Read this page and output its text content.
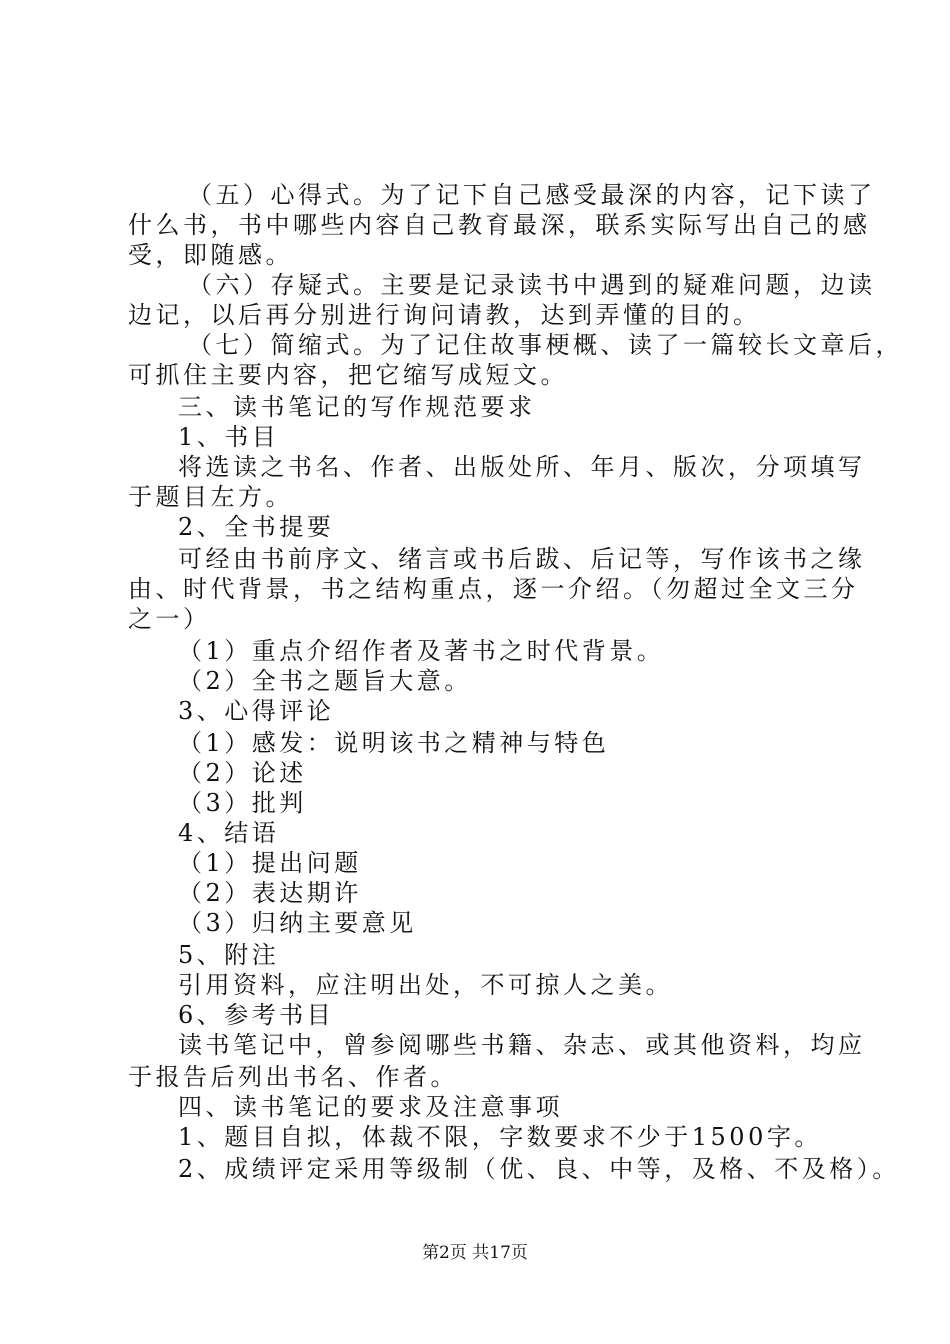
（五）心得式。为了记下自己感受最深的内容，记下读了
什么书，书中哪些内容自己教育最深，联系实际写出自己的感
受，即随感。
（六）存疑式。主要是记录读书中遇到的疑难问题，边读
边记，以后再分别进行询问请教，达到弄懂的目的。
（七）简缩式。为了记住故事梗概、读了一篇较长文章后，
可抓住主要内容，把它缩写成短文。
三、读书笔记的写作规范要求
1、书目
将选读之书名、作者、出版处所、年月、版次，分项填写
于题目左方。
2、全书提要
可经由书前序文、绪言或书后跋、后记等，写作该书之缘
由、时代背景，书之结构重点，逐一介绍。（勿超过全文三分
之一）
（1）重点介绍作者及著书之时代背景。
（2）全书之题旨大意。
3、心得评论
（1）感发：说明该书之精神与特色
（2）论述
（3）批判
4、结语
（1）提出问题
（2）表达期许
（3）归纳主要意见
5、附注
引用资料，应注明出处，不可掠人之美。
6、参考书目
读书笔记中，曾参阅哪些书籍、杂志、或其他资料，均应
于报告后列出书名、作者。
四、读书笔记的要求及注意事项
1、题目自拟，体裁不限，字数要求不少于1500字。
2、成绩评定采用等级制（优、良、中等，及格、不及格）。
第2页 共17页
